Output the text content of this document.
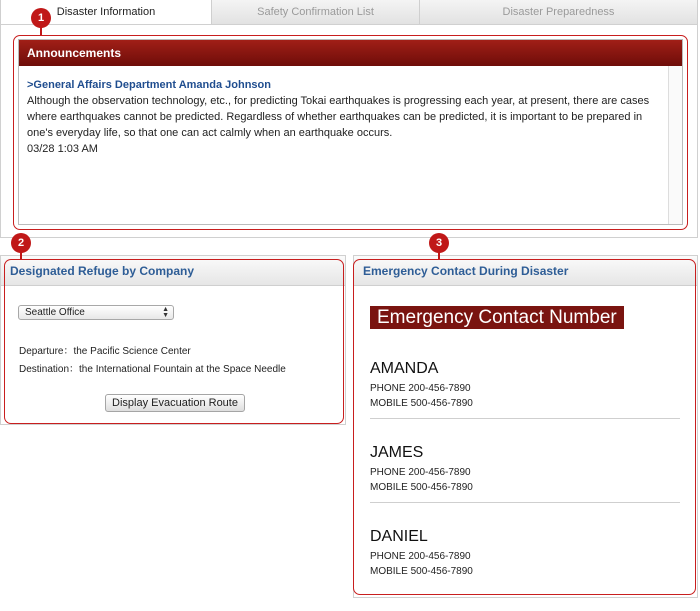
Disaster Information	Safety Confirmation List	Disaster Preparedness
Announcements
>General Affairs Department Amanda Johnson
Although the observation technology, etc., for predicting Tokai earthquakes is progressing each year, at present, there are cases where earthquakes cannot be predicted. Regardless of whether earthquakes can be predicted, it is important to be prepared in one's everyday life, so that one can act calmly when an earthquake occurs.
03/28 1:03 AM
Designated Refuge by Company
Seattle Office	▲
▼
Departure：the Pacific Science Center
Destination：the International Fountain at the Space Needle
Display Evacuation Route
Emergency Contact During Disaster
Emergency Contact Number
AMANDA
PHONE 200-456-7890
MOBILE 500-456-7890
JAMES
PHONE 200-456-7890
MOBILE 500-456-7890
DANIEL
PHONE 200-456-7890
MOBILE 500-456-7890
1
2	3
